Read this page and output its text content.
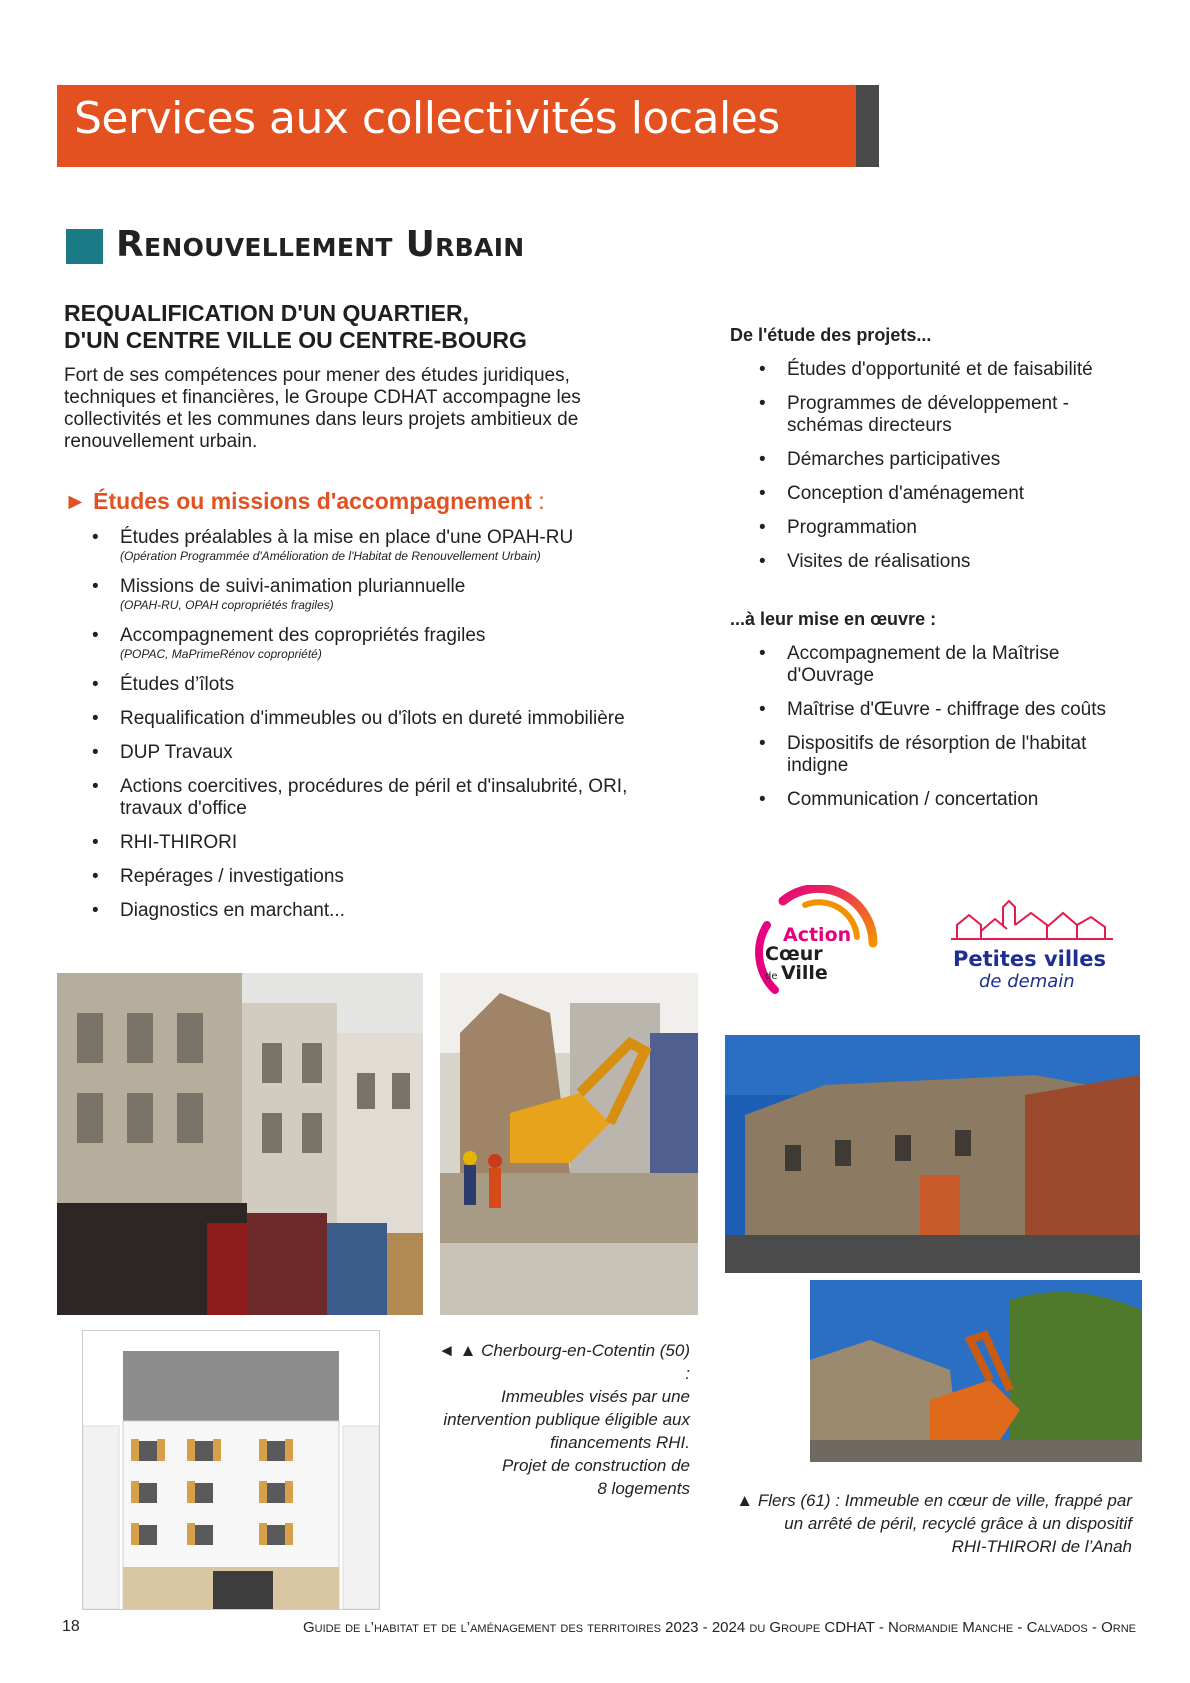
Services aux collectivités locales
Renouvellement Urbain
REQUALIFICATION D'UN QUARTIER,
D'UN CENTRE VILLE OU CENTRE-BOURG
Fort de ses compétences pour mener des études juridiques,
techniques et financières, le Groupe CDHAT accompagne les
collectivités et les communes dans leurs projets ambitieux de
renouvellement urbain.
► Études ou missions d'accompagnement :
• Études préalables à la mise en place d'une OPAH-RU
(Opération Programmée d'Amélioration de l'Habitat de Renouvellement Urbain)
• Missions de suivi-animation pluriannuelle
(OPAH-RU, OPAH copropriétés fragiles)
• Accompagnement des copropriétés fragiles
(POPAC, MaPrimeRénov copropriété)
• Études d’îlots
• Requalification d'immeubles ou d'îlots en dureté immobilière
• DUP Travaux
• Actions coercitives, procédures de péril et d'insalubrité, ORI,
travaux d'office
• RHI-THIRORI
• Repérages / investigations
• Diagnostics en marchant...
De l'étude des projets...
• Études d'opportunité et de faisabilité
• Programmes de développement -
schémas directeurs
• Démarches participatives
• Conception d'aménagement
• Programmation
• Visites de réalisations
...à leur mise en œuvre :
• Accompagnement de la Maîtrise
d'Ouvrage
• Maîtrise d'Œuvre - chiffrage des coûts
• Dispositifs de résorption de l'habitat
indigne
• Communication / concertation
Action
Cœur
de Ville
Petites villes
de demain
◄ ▲ Cherbourg-en-Cotentin (50) :
Immeubles visés par une
intervention publique éligible aux
financements RHI.
Projet de construction de
8 logements
▲ Flers (61) : Immeuble en cœur de ville, frappé par
un arrêté de péril, recyclé grâce à un dispositif
RHI-THIRORI de l’Anah
18	Guide de l’habitat et de l’aménagement des territoires 2023 - 2024 du Groupe CDHAT - Normandie Manche - Calvados - Orne
